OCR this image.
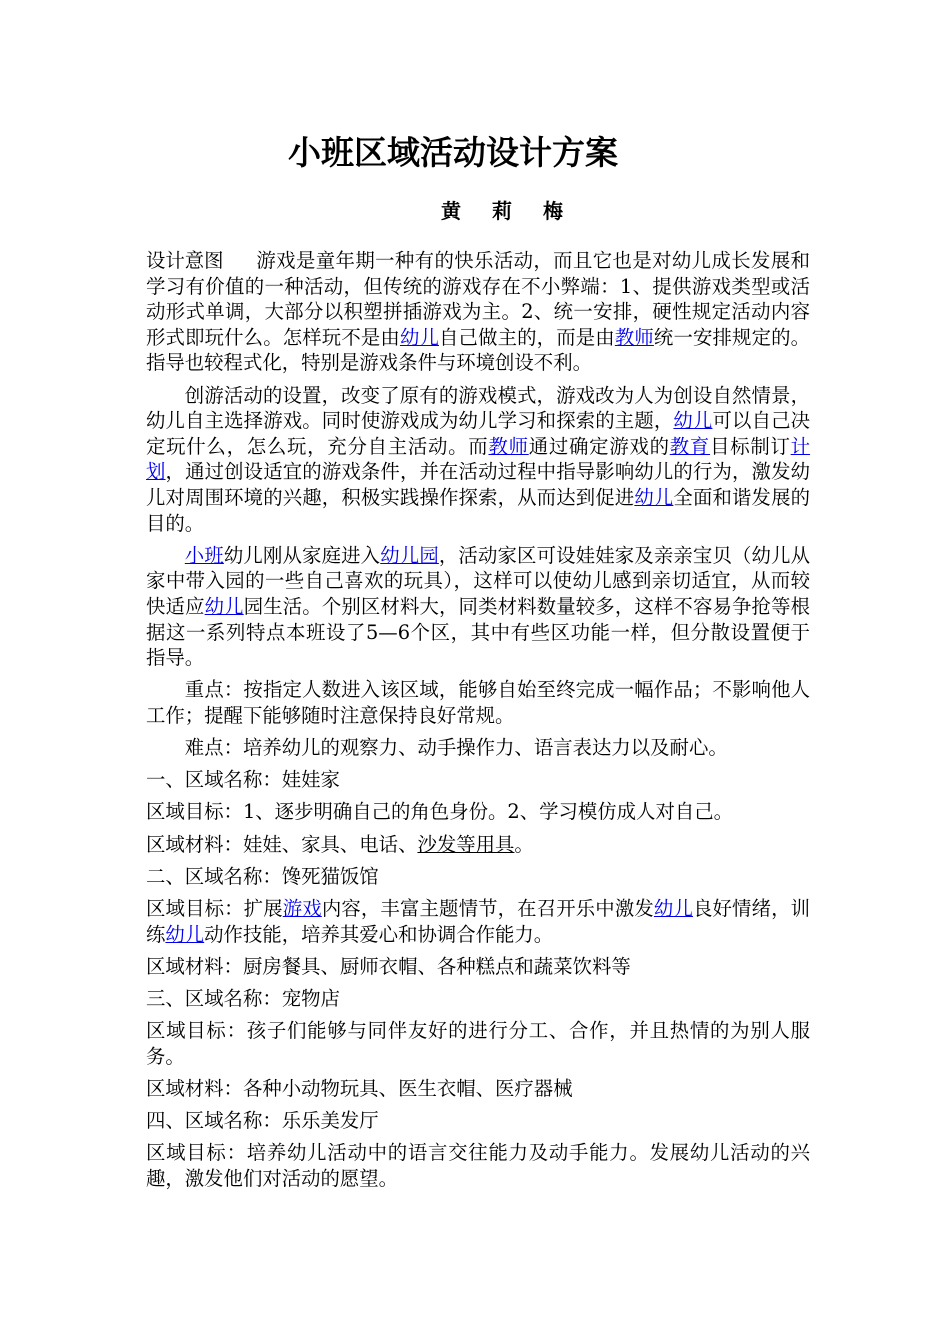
小班区域活动设计方案
黄 莉 梅

设计意图 游戏是童年期一种有的快乐活动，而且它也是对幼儿成长发展和学习有价值的一种活动，但传统的游戏存在不小弊端：1、提供游戏类型或活动形式单调，大部分以积塑拼插游戏为主。2、统一安排，硬性规定活动内容形式即玩什么。怎样玩不是由幼儿自己做主的，而是由教师统一安排规定的。指导也较程式化，特别是游戏条件与环境创设不利。

创游活动的设置，改变了原有的游戏模式，游戏改为人为创设自然情景，幼儿自主选择游戏。同时使游戏成为幼儿学习和探索的主题，幼儿可以自己决定玩什么，怎么玩，充分自主活动。而教师通过确定游戏的教育目标制订计划，通过创设适宜的游戏条件，并在活动过程中指导影响幼儿的行为，激发幼儿对周围环境的兴趣，积极实践操作探索，从而达到促进幼儿全面和谐发展的目的。

小班幼儿刚从家庭进入幼儿园，活动家区可设娃娃家及亲亲宝贝（幼儿从家中带入园的一些自己喜欢的玩具），这样可以使幼儿感到亲切适宜，从而较快适应幼儿园生活。个别区材料大，同类材料数量较多，这样不容易争抢等根据这一系列特点本班设了5—6个区，其中有些区功能一样，但分散设置便于指导。

重点：按指定人数进入该区域，能够自始至终完成一幅作品；不影响他人工作；提醒下能够随时注意保持良好常规。

难点：培养幼儿的观察力、动手操作力、语言表达力以及耐心。

一、区域名称：娃娃家

区域目标：1、逐步明确自己的角色身份。2、学习模仿成人对自己。

区域材料：娃娃、家具、电话、沙发等用具。

二、区域名称：馋死猫饭馆

区域目标：扩展游戏内容，丰富主题情节，在召开乐中激发幼儿良好情绪，训练幼儿动作技能，培养其爱心和协调合作能力。

区域材料：厨房餐具、厨师衣帽、各种糕点和蔬菜饮料等

三、区域名称：宠物店

区域目标：孩子们能够与同伴友好的进行分工、合作，并且热情的为别人服务。

区域材料：各种小动物玩具、医生衣帽、医疗器械

四、区域名称：乐乐美发厅

区域目标：培养幼儿活动中的语言交往能力及动手能力。发展幼儿活动的兴趣，激发他们对活动的愿望。
